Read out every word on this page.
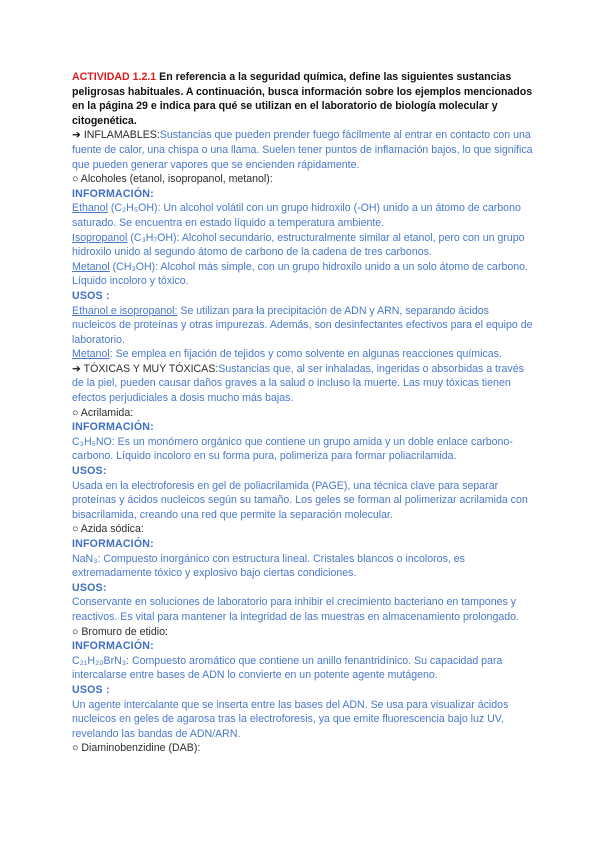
ACTIVIDAD 1.2.1 En referencia a la seguridad química, define las siguientes sustancias peligrosas habituales. A continuación, busca información sobre los ejemplos mencionados en la página 29 e indica para qué se utilizan en el laboratorio de biología molecular y citogenética.

➔ INFLAMABLES:Sustancias que pueden prender fuego fácilmente al entrar en contacto con una fuente de calor, una chispa o una llama. Suelen tener puntos de inflamación bajos, lo que significa que pueden generar vapores que se encienden rápidamente.

○ Alcoholes (etanol, isopropanol, metanol):

INFORMACIÓN:

Ethanol (C₂H₅OH): Un alcohol volátil con un grupo hidroxilo (-OH) unido a un átomo de carbono saturado. Se encuentra en estado líquido a temperatura ambiente.

Isopropanol (C₃H₇OH): Alcohol secundario, estructuralmente similar al etanol, pero con un grupo hidroxilo unido al segundo átomo de carbono de la cadena de tres carbonos.

Metanol (CH₃OH): Alcohol más simple, con un grupo hidroxilo unido a un solo átomo de carbono. Líquido incoloro y tóxico.

USOS :

Ethanol e isopropanol: Se utilizan para la precipitación de ADN y ARN, separando ácidos nucleicos de proteínas y otras impurezas. Además, son desinfectantes efectivos para el equipo de laboratorio.

Metanol: Se emplea en fijación de tejidos y como solvente en algunas reacciones químicas.

➔ TÓXICAS Y MUY TÓXICAS:Sustancias que, al ser inhaladas, ingeridas o absorbidas a través de la piel, pueden causar daños graves a la salud o incluso la muerte. Las muy tóxicas tienen efectos perjudiciales a dosis mucho más bajas.

○ Acrilamida:

INFORMACIÓN:

C₃H₅NO: Es un monómero orgánico que contiene un grupo amida y un doble enlace carbono-carbono. Líquido incoloro en su forma pura, polimeriza para formar poliacrilamida.

USOS:

Usada en la electroforesis en gel de poliacrilamida (PAGE), una técnica clave para separar proteínas y ácidos nucleicos según su tamaño. Los geles se forman al polimerizar acrilamida con bisacrilamida, creando una red que permite la separación molecular.

○ Azida sódica:

INFORMACIÓN:

NaN₃: Compuesto inorgánico con estructura lineal. Cristales blancos o incoloros, es extremadamente tóxico y explosivo bajo ciertas condiciones.

USOS:

Conservante en soluciones de laboratorio para inhibir el crecimiento bacteriano en tampones y reactivos. Es vital para mantener la integridad de las muestras en almacenamiento prolongado.

○ Bromuro de etidio:

INFORMACIÓN:

C₂₁H₂₀BrN₃: Compuesto aromático que contiene un anillo fenantridínico. Su capacidad para intercalarse entre bases de ADN lo convierte en un potente agente mutágeno.

USOS :

Un agente intercalante que se inserta entre las bases del ADN. Se usa para visualizar ácidos nucleicos en geles de agarosa tras la electroforesis, ya que emite fluorescencia bajo luz UV, revelando las bandas de ADN/ARN.

○ Diaminobenzidine (DAB):
